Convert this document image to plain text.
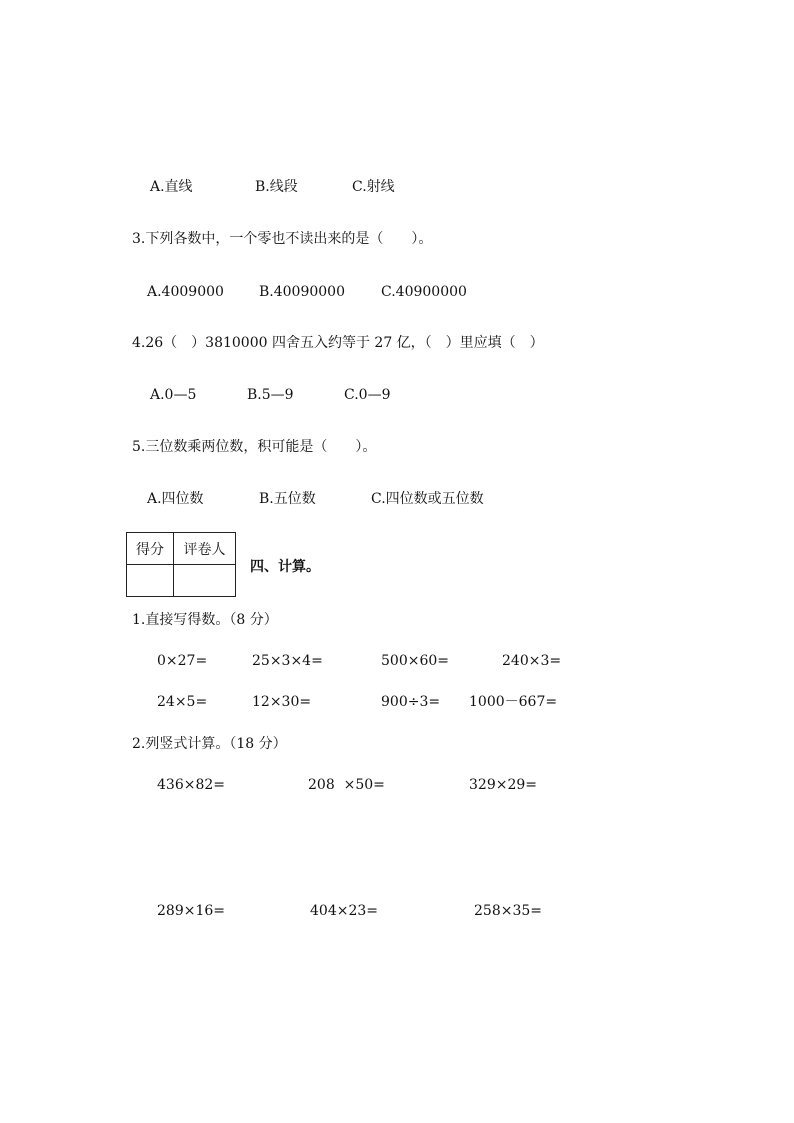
A.直线	B.线段	C.射线
3.下列各数中，一个零也不读出来的是（　　）。
A.4009000	B.40090000	C.40900000
4.26（　）3810000 四舍五入约等于 27 亿，（　）里应填（　）
A.0—5	B.5—9	C.0—9
5.三位数乘两位数，积可能是（　　）。
A.四位数	B.五位数	C.四位数或五位数
得分	评卷人

四、计算。
1.直接写得数。（8 分）
0×27=	25×3×4=	500×60=	240×3=
24×5=	12×30=	900÷3= 1000－667=
2.列竖式计算。（18 分）
436×82=	208  ×50=	329×29=
289×16=	404×23=	258×35=
